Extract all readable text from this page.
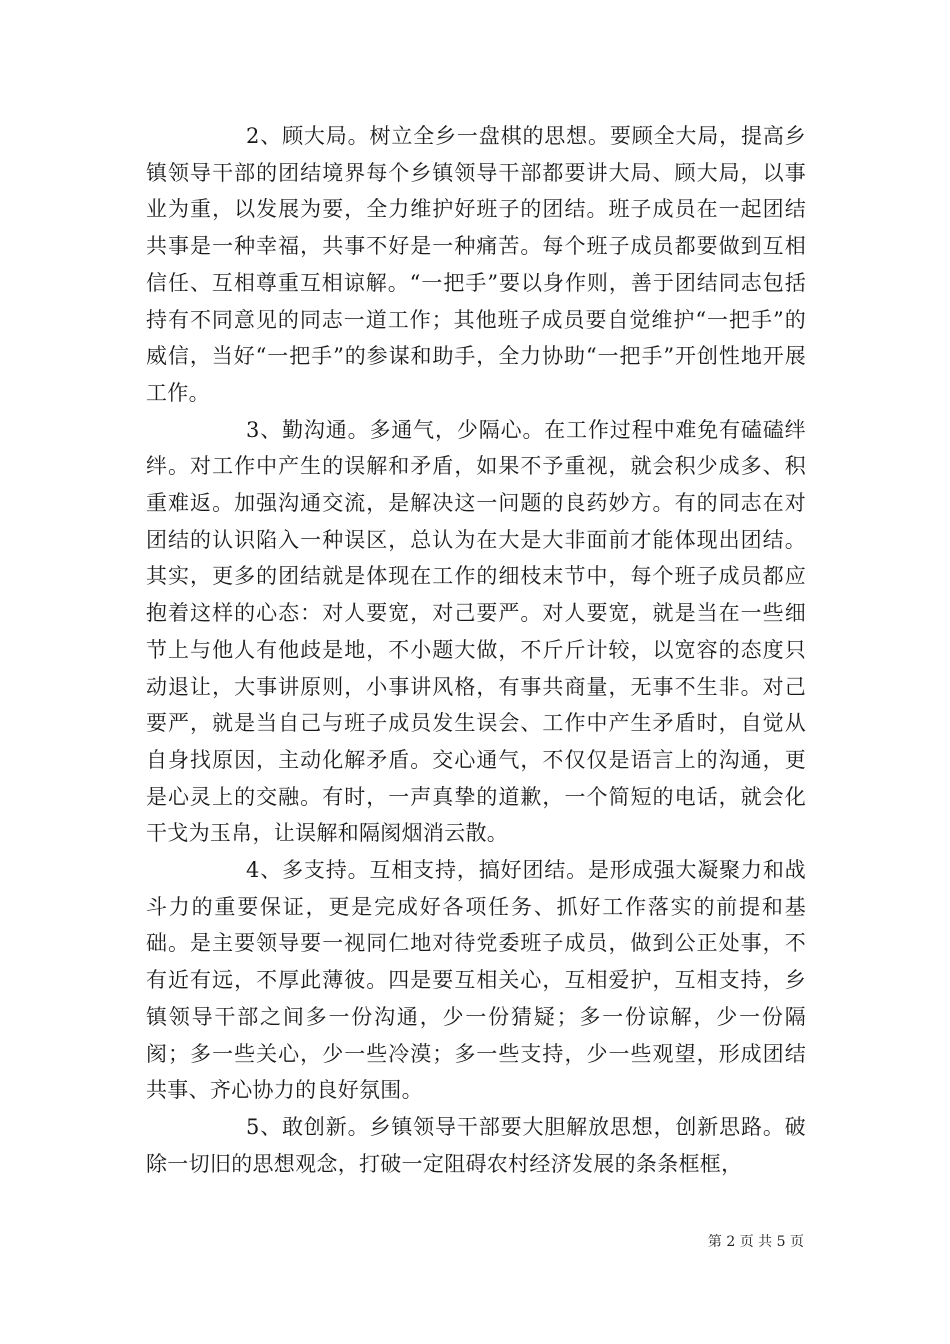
2、顾大局。树立全乡一盘棋的思想。要顾全大局，提高乡镇领导干部的团结境界每个乡镇领导干部都要讲大局、顾大局，以事业为重，以发展为要，全力维护好班子的团结。班子成员在一起团结共事是一种幸福，共事不好是一种痛苦。每个班子成员都要做到互相信任、互相尊重互相谅解。“一把手”要以身作则，善于团结同志包括持有不同意见的同志一道工作；其他班子成员要自觉维护“一把手”的威信，当好“一把手”的参谋和助手，全力协助“一把手”开创性地开展工作。

3、勤沟通。多通气，少隔心。在工作过程中难免有磕磕绊绊。对工作中产生的误解和矛盾，如果不予重视，就会积少成多、积重难返。加强沟通交流，是解决这一问题的良药妙方。有的同志在对团结的认识陷入一种误区，总认为在大是大非面前才能体现出团结。其实，更多的团结就是体现在工作的细枝末节中，每个班子成员都应抱着这样的心态：对人要宽，对己要严。对人要宽，就是当在一些细节上与他人有他歧是地，不小题大做，不斤斤计较，以宽容的态度只动退让，大事讲原则，小事讲风格，有事共商量，无事不生非。对己要严，就是当自己与班子成员发生误会、工作中产生矛盾时，自觉从自身找原因，主动化解矛盾。交心通气，不仅仅是语言上的沟通，更是心灵上的交融。有时，一声真挚的道歉，一个简短的电话，就会化干戈为玉帛，让误解和隔阂烟消云散。

4、多支持。互相支持，搞好团结。是形成强大凝聚力和战斗力的重要保证，更是完成好各项任务、抓好工作落实的前提和基础。是主要领导要一视同仁地对待党委班子成员，做到公正处事，不有近有远，不厚此薄彼。四是要互相关心，互相爱护，互相支持，乡镇领导干部之间多一份沟通，少一份猜疑；多一份谅解，少一份隔阂；多一些关心，少一些冷漠；多一些支持，少一些观望，形成团结共事、齐心协力的良好氛围。

5、敢创新。乡镇领导干部要大胆解放思想，创新思路。破除一切旧的思想观念，打破一定阻碍农村经济发展的条条框框，

第 2 页 共 5 页
